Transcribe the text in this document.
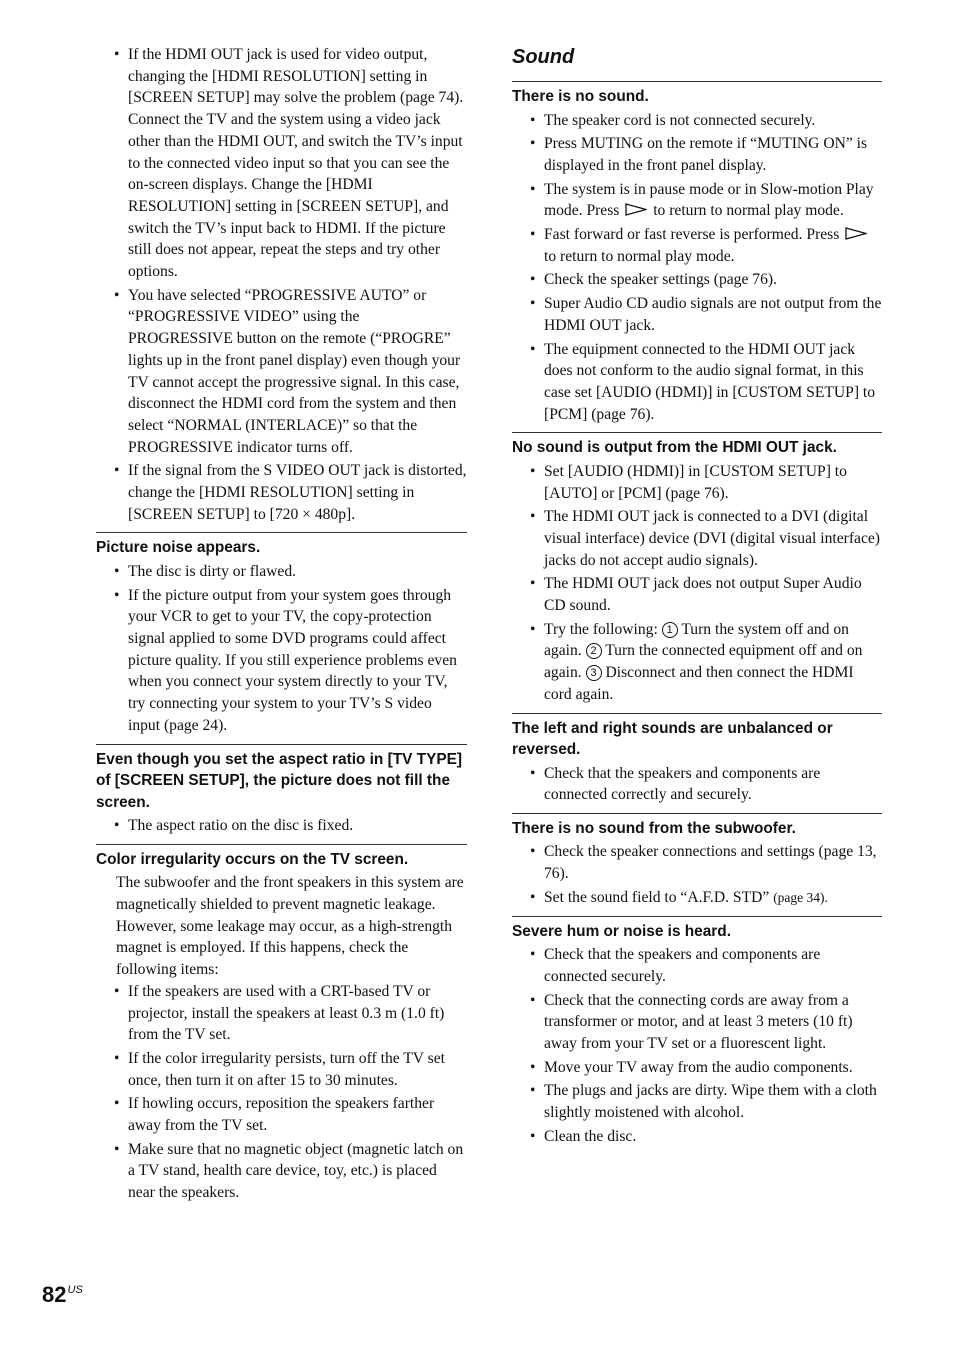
• If the HDMI OUT jack is used for video output, changing the [HDMI RESOLUTION] setting in [SCREEN SETUP] may solve the problem (page 74).

Connect the TV and the system using a video jack other than the HDMI OUT, and switch the TV’s input to the connected video input so that you can see the on-screen displays. Change the [HDMI RESOLUTION] setting in [SCREEN SETUP], and switch the TV’s input back to HDMI. If the picture still does not appear, repeat the steps and try other options.

• You have selected “PROGRESSIVE AUTO” or “PROGRESSIVE VIDEO” using the PROGRESSIVE button on the remote (“PROGRE” lights up in the front panel display) even though your TV cannot accept the progressive signal. In this case, disconnect the HDMI cord from the system and then select “NORMAL (INTERLACE)” so that the PROGRESSIVE indicator turns off.
• If the signal from the S VIDEO OUT jack is distorted, change the [HDMI RESOLUTION] setting in [SCREEN SETUP] to [720 × 480p].
Picture noise appears.
• The disc is dirty or flawed.
• If the picture output from your system goes through your VCR to get to your TV, the copy-protection signal applied to some DVD programs could affect picture quality. If you still experience problems even when you connect your system directly to your TV, try connecting your system to your TV’s S video input (page 24).
Even though you set the aspect ratio in [TV TYPE] of [SCREEN SETUP], the picture does not fill the screen.
• The aspect ratio on the disc is fixed.
Color irregularity occurs on the TV screen.

The subwoofer and the front speakers in this system are magnetically shielded to prevent magnetic leakage. However, some leakage may occur, as a high-strength magnet is employed. If this happens, check the following items:

• If the speakers are used with a CRT-based TV or projector, install the speakers at least 0.3 m (1.0 ft) from the TV set.
• If the color irregularity persists, turn off the TV set once, then turn it on after 15 to 30 minutes.
• If howling occurs, reposition the speakers farther away from the TV set.
• Make sure that no magnetic object (magnetic latch on a TV stand, health care device, toy, etc.) is placed near the speakers.
Sound
There is no sound.
• The speaker cord is not connected securely.
• Press MUTING on the remote if “MUTING ON” is displayed in the front panel display.
• The system is in pause mode or in Slow-motion Play mode. Press to return to normal play mode.
• Fast forward or fast reverse is performed. Press  to return to normal play mode.
• Check the speaker settings (page 76).
• Super Audio CD audio signals are not output from the HDMI OUT jack.
• The equipment connected to the HDMI OUT jack does not conform to the audio signal format, in this case set [AUDIO (HDMI)] in [CUSTOM SETUP] to [PCM] (page 76).
No sound is output from the HDMI OUT jack.
• Set [AUDIO (HDMI)] in [CUSTOM SETUP] to [AUTO] or [PCM] (page 76).
• The HDMI OUT jack is connected to a DVI (digital visual interface) device (DVI (digital visual interface) jacks do not accept audio signals).
• The HDMI OUT jack does not output Super Audio CD sound.
• Try the following: 1 Turn the system off and on again. 2 Turn the connected equipment off and on again. 3 Disconnect and then connect the HDMI cord again.
The left and right sounds are unbalanced or reversed.
• Check that the speakers and components are connected correctly and securely.
There is no sound from the subwoofer.
• Check the speaker connections and settings (page 13, 76).
• Set the sound field to “A.F.D. STD” (page 34).
Severe hum or noise is heard.
• Check that the speakers and components are connected securely.
• Check that the connecting cords are away from a transformer or motor, and at least 3 meters (10 ft) away from your TV set or a fluorescent light.
• Move your TV away from the audio components.
• The plugs and jacks are dirty. Wipe them with a cloth slightly moistened with alcohol.
• Clean the disc.
$82^{US}$
